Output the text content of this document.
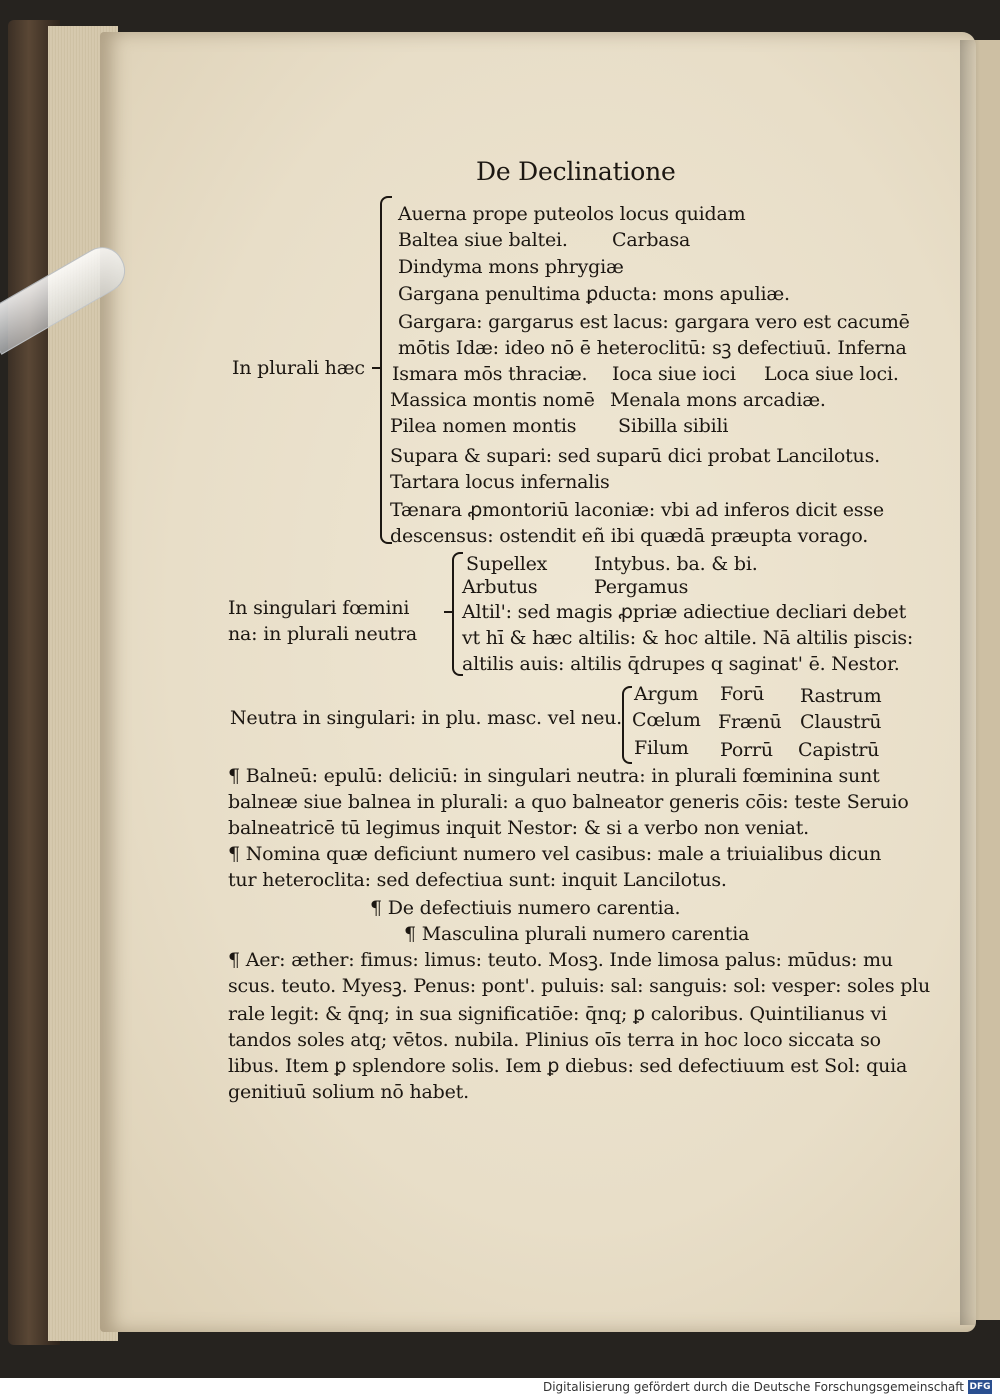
De Declinatione
In plurali hæc
Auerna prope puteolos locus quidam
Baltea siue baltei. Carbasa
Dindyma mons phrygiæ
Gargana penultima ꝑducta: mons apuliæ.
Gargara: gargarus est lacus: gargara vero est cacumē
mōtis Idæ: ideo nō ē heteroclitū: sꝫ defectiuū. Inferna
Ismara mōs thraciæ. Ioca siue ioci Loca siue loci.
Massica montis nomē Menala mons arcadiæ.
Pilea nomen montis Sibilla sibili
Supara & supari: sed suparū dici probat Lancilotus.
Tartara locus infernalis
Tænara ꝓmontoriū laconiæ: vbi ad inferos dicit esse
descensus: ostendit eñ ibi quædā præupta vorago.
In singulari fœmini
na: in plurali neutra
Supellex Intybus. ba. & bi.
Arbutus	Pergamus
Altil': sed magis ꝓpriæ adiectiue decliari debet
vt hī & hæc altilis: & hoc altile. Nā altilis piscis:
altilis auis: altilis q̄drupes q saginat' ē. Nestor.
Neutra in singulari: in plu. masc. vel neu.
Argum Forū Rastrum
Cœlum Frænū Claustrū
Filum Porrū Capistrū
¶ Balneū: epulū: deliciū: in singulari neutra: in plurali fœminina sunt
balneæ siue balnea in plurali: a quo balneator generis cōis: teste Seruio
balneatricē tū legimus inquit Nestor: & si a verbo non veniat.
¶ Nomina quæ deficiunt numero vel casibus: male a triuialibus dicun
tur heteroclita: sed defectiua sunt: inquit Lancilotus.
¶ De defectiuis numero carentia.
¶ Masculina plurali numero carentia
¶ Aer: æther: fimus: limus: teuto. Mosꝫ. Inde limosa palus: mūdus: mu
scus. teuto. Myesꝫ. Penus: pont'. puluis: sal: sanguis: sol: vesper: soles plu
rale legit: & q̄nq; in sua significatiōe: q̄nq; ꝑ caloribus. Quintilianus vi
tandos soles atq; vētos. nubila. Plinius oīs terra in hoc loco siccata so
libus. Item ꝑ splendore solis. Iem ꝑ diebus: sed defectiuum est Sol: quia
genitiuū solium nō habet.
Digitalisierung gefördert durch die Deutsche Forschungsgemeinschaft DFG
